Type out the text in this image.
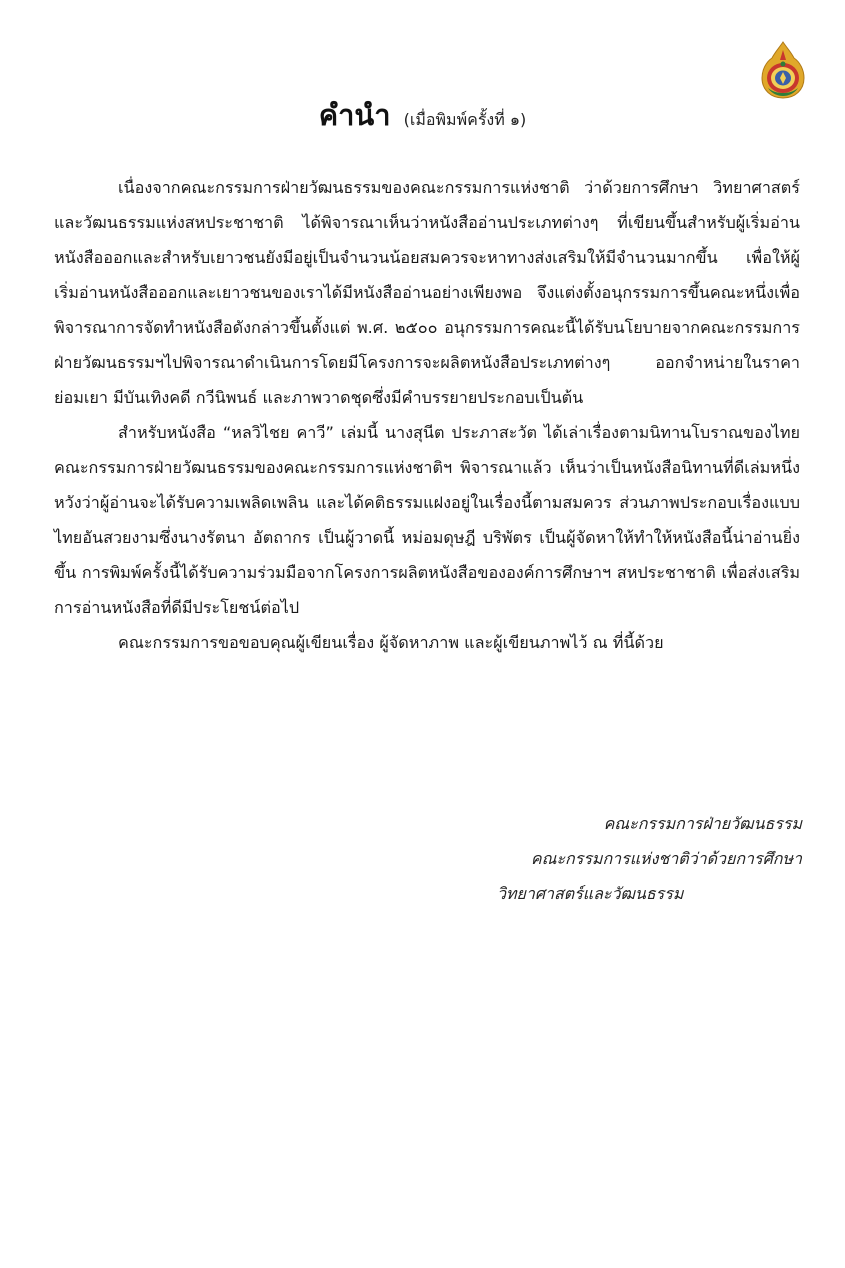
คำนำ (เมื่อพิมพ์ครั้งที่ ๑)

เนื่องจากคณะกรรมการฝ่ายวัฒนธรรมของคณะกรรมการแห่งชาติ ว่าด้วยการศึกษา วิทยาศาสตร์ และวัฒนธรรมแห่งสหประชาชาติ ได้พิจารณาเห็นว่าหนังสืออ่านประเภทต่างๆ ที่เขียนขึ้นสำหรับผู้เริ่มอ่านหนังสือออกและสำหรับเยาวชนยังมีอยู่เป็นจำนวนน้อยสมควรจะหาทางส่งเสริมให้มีจำนวนมากขึ้น เพื่อให้ผู้เริ่มอ่านหนังสือออกและเยาวชนของเราได้มีหนังสืออ่านอย่างเพียงพอ จึงแต่งตั้งอนุกรรมการขึ้นคณะหนึ่งเพื่อพิจารณาการจัดทำหนังสือดังกล่าวขึ้นตั้งแต่ พ.ศ. ๒๕๐๐ อนุกรรมการคณะนี้ได้รับนโยบายจากคณะกรรมการฝ่ายวัฒนธรรมฯไปพิจารณาดำเนินการโดยมีโครงการจะผลิตหนังสือประเภทต่างๆ ออกจำหน่ายในราคาย่อมเยา มีบันเทิงคดี กวีนิพนธ์ และภาพวาดชุดซึ่งมีคำบรรยายประกอบเป็นต้น

สำหรับหนังสือ “หลวิไชย คาวี” เล่มนี้ นางสุนีต ประภาสะวัต ได้เล่าเรื่องตามนิทานโบราณของไทย คณะกรรมการฝ่ายวัฒนธรรมของคณะกรรมการแห่งชาติฯ พิจารณาแล้ว เห็นว่าเป็นหนังสือนิทานที่ดีเล่มหนึ่ง หวังว่าผู้อ่านจะได้รับความเพลิดเพลิน และได้คติธรรมแฝงอยู่ในเรื่องนี้ตามสมควร ส่วนภาพประกอบเรื่องแบบไทยอันสวยงามซึ่งนางรัตนา อัตถากร เป็นผู้วาดนี้ หม่อมดุษฎี บริพัตร เป็นผู้จัดหาให้ทำให้หนังสือนี้น่าอ่านยิ่งขึ้น การพิมพ์ครั้งนี้ได้รับความร่วมมือจากโครงการผลิตหนังสือขององค์การศึกษาฯ สหประชาชาติ เพื่อส่งเสริมการอ่านหนังสือที่ดีมีประโยชน์ต่อไป

คณะกรรมการขอขอบคุณผู้เขียนเรื่อง ผู้จัดหาภาพ และผู้เขียนภาพไว้ ณ ที่นี้ด้วย

คณะกรรมการฝ่ายวัฒนธรรม
คณะกรรมการแห่งชาติว่าด้วยการศึกษา
วิทยาศาสตร์และวัฒนธรรม
